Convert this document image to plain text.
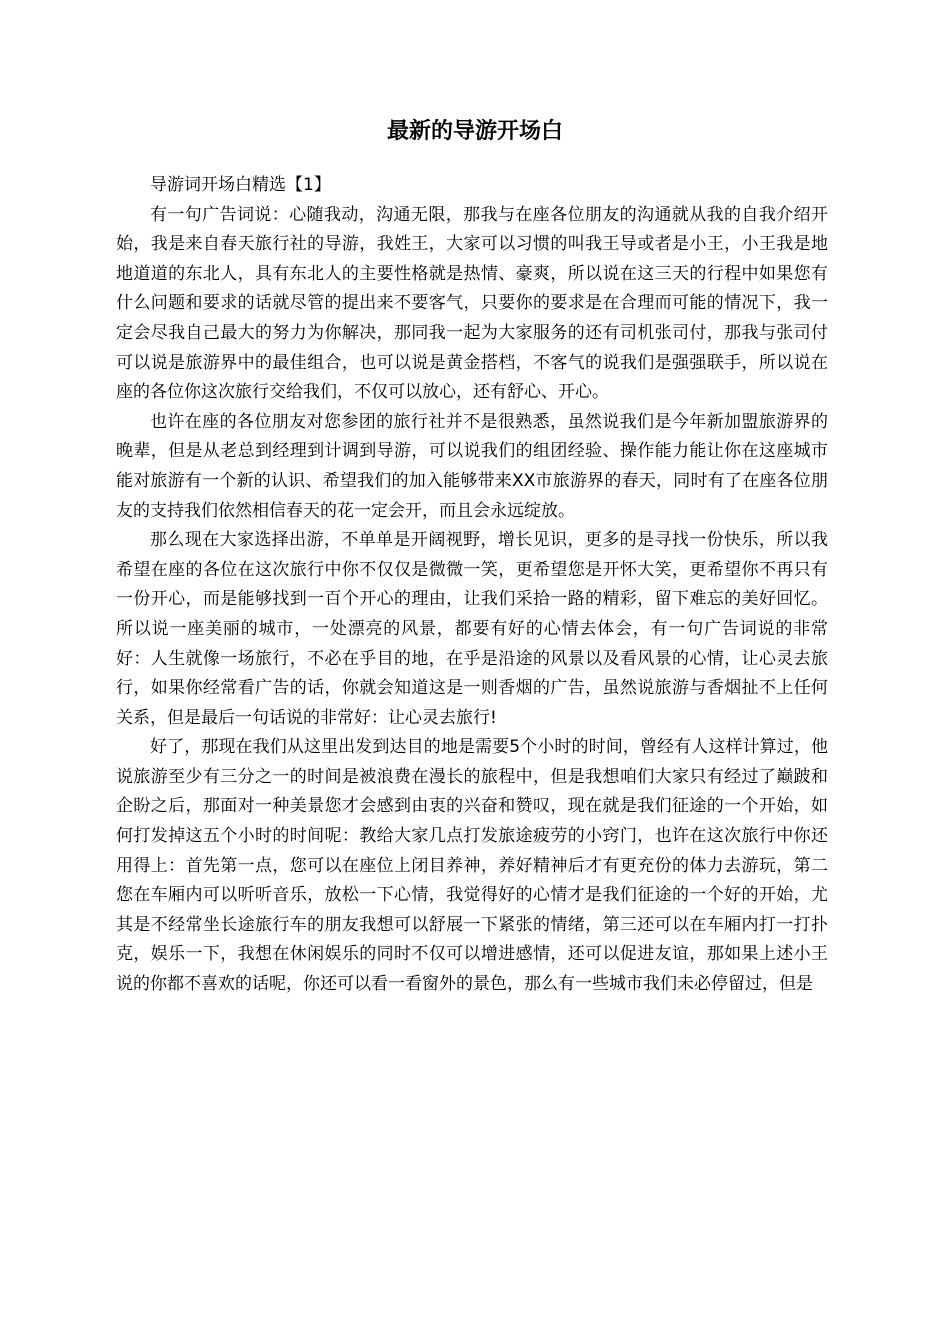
最新的导游开场白

导游词开场白精选【1】

有一句广告词说：心随我动，沟通无限，那我与在座各位朋友的沟通就从我的自我介绍开始，我是来自春天旅行社的导游，我姓王，大家可以习惯的叫我王导或者是小王，小王我是地地道道的东北人，具有东北人的主要性格就是热情、豪爽，所以说在这三天的行程中如果您有什么问题和要求的话就尽管的提出来不要客气，只要你的要求是在合理而可能的情况下，我一定会尽我自己最大的努力为你解决，那同我一起为大家服务的还有司机张司付，那我与张司付可以说是旅游界中的最佳组合，也可以说是黄金搭档，不客气的说我们是强强联手，所以说在座的各位你这次旅行交给我们，不仅可以放心，还有舒心、开心。

也许在座的各位朋友对您参团的旅行社并不是很熟悉，虽然说我们是今年新加盟旅游界的晚辈，但是从老总到经理到计调到导游，可以说我们的组团经验、操作能力能让你在这座城市能对旅游有一个新的认识、希望我们的加入能够带来XX市旅游界的春天，同时有了在座各位朋友的支持我们依然相信春天的花一定会开，而且会永远绽放。

那么现在大家选择出游，不单单是开阔视野，增长见识，更多的是寻找一份快乐，所以我希望在座的各位在这次旅行中你不仅仅是微微一笑，更希望您是开怀大笑，更希望你不再只有一份开心，而是能够找到一百个开心的理由，让我们采拾一路的精彩，留下难忘的美好回忆。所以说一座美丽的城市，一处漂亮的风景，都要有好的心情去体会，有一句广告词说的非常好：人生就像一场旅行，不必在乎目的地，在乎是沿途的风景以及看风景的心情，让心灵去旅行，如果你经常看广告的话，你就会知道这是一则香烟的广告，虽然说旅游与香烟扯不上任何关系，但是最后一句话说的非常好：让心灵去旅行!

好了，那现在我们从这里出发到达目的地是需要5个小时的时间，曾经有人这样计算过，他说旅游至少有三分之一的时间是被浪费在漫长的旅程中，但是我想咱们大家只有经过了巅跛和企盼之后，那面对一种美景您才会感到由衷的兴奋和赞叹，现在就是我们征途的一个开始，如何打发掉这五个小时的时间呢：教给大家几点打发旅途疲劳的小窍门，也许在这次旅行中你还用得上：首先第一点，您可以在座位上闭目养神，养好精神后才有更充份的体力去游玩，第二您在车厢内可以听听音乐，放松一下心情，我觉得好的心情才是我们征途的一个好的开始，尤其是不经常坐长途旅行车的朋友我想可以舒展一下紧张的情绪，第三还可以在车厢内打一打扑克，娱乐一下，我想在休闲娱乐的同时不仅可以增进感情，还可以促进友谊，那如果上述小王说的你都不喜欢的话呢，你还可以看一看窗外的景色，那么有一些城市我们未必停留过，但是
